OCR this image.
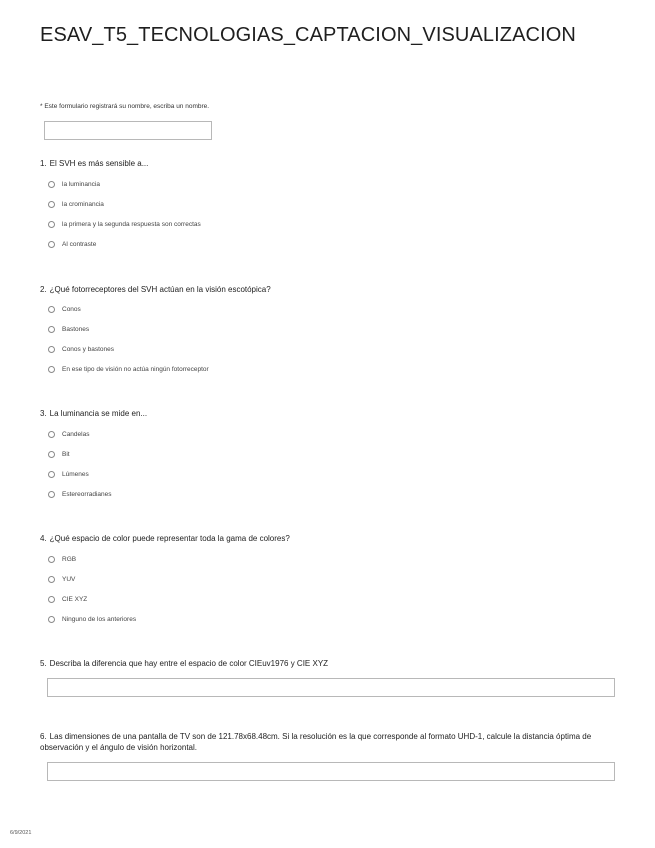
ESAV_T5_TECNOLOGIAS_CAPTACION_VISUALIZACION
* Este formulario registrará su nombre, escriba un nombre.
1. El SVH es más sensible a...
la luminancia
la crominancia
la primera y la segunda respuesta son correctas
Al contraste
2. ¿Qué fotorreceptores del SVH actúan en la visión escotópica?
Conos
Bastones
Conos y bastones
En ese tipo de visión no actúa ningún fotorreceptor
3. La luminancia se mide en...
Candelas
Bit
Lúmenes
Estereorradianes
4. ¿Qué espacio de color puede representar toda la gama de colores?
RGB
YUV
CIE XYZ
Ninguno de los anteriores
5. Describa la diferencia que hay entre el espacio de color CIEuv1976 y CIE XYZ
6. Las dimensiones de una pantalla de TV son de 121.78x68.48cm. Si la resolución es la que corresponde al formato UHD-1, calcule la distancia óptima de observación y el ángulo de visión horizontal.
6/9/2021
